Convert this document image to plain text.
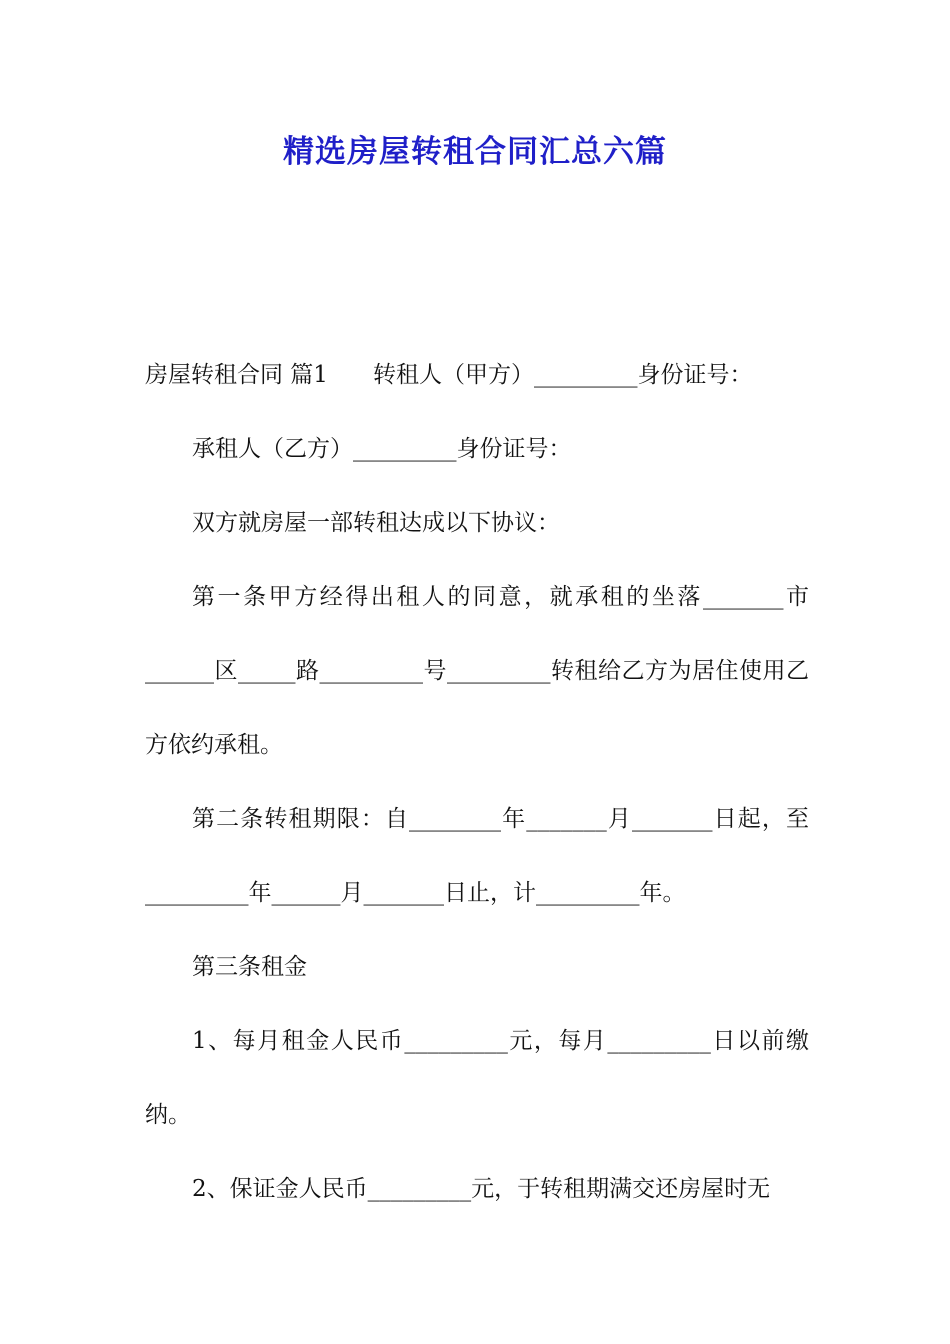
精选房屋转租合同汇总六篇

房屋转租合同 篇1 转租人（甲方）_________身份证号：

承租人（乙方）_________身份证号：

双方就房屋一部转租达成以下协议：

第一条甲方经得出租人的同意，就承租的坐落_______市______区_____路_________号_________转租给乙方为居住使用乙方依约承租。

第二条转租期限：自________年_______月_______日起，至_________年______月_______日止，计_________年。

第三条租金

1、每月租金人民币_________元，每月_________日以前缴纳。

2、保证金人民币_________元，于转租期满交还房屋时无
